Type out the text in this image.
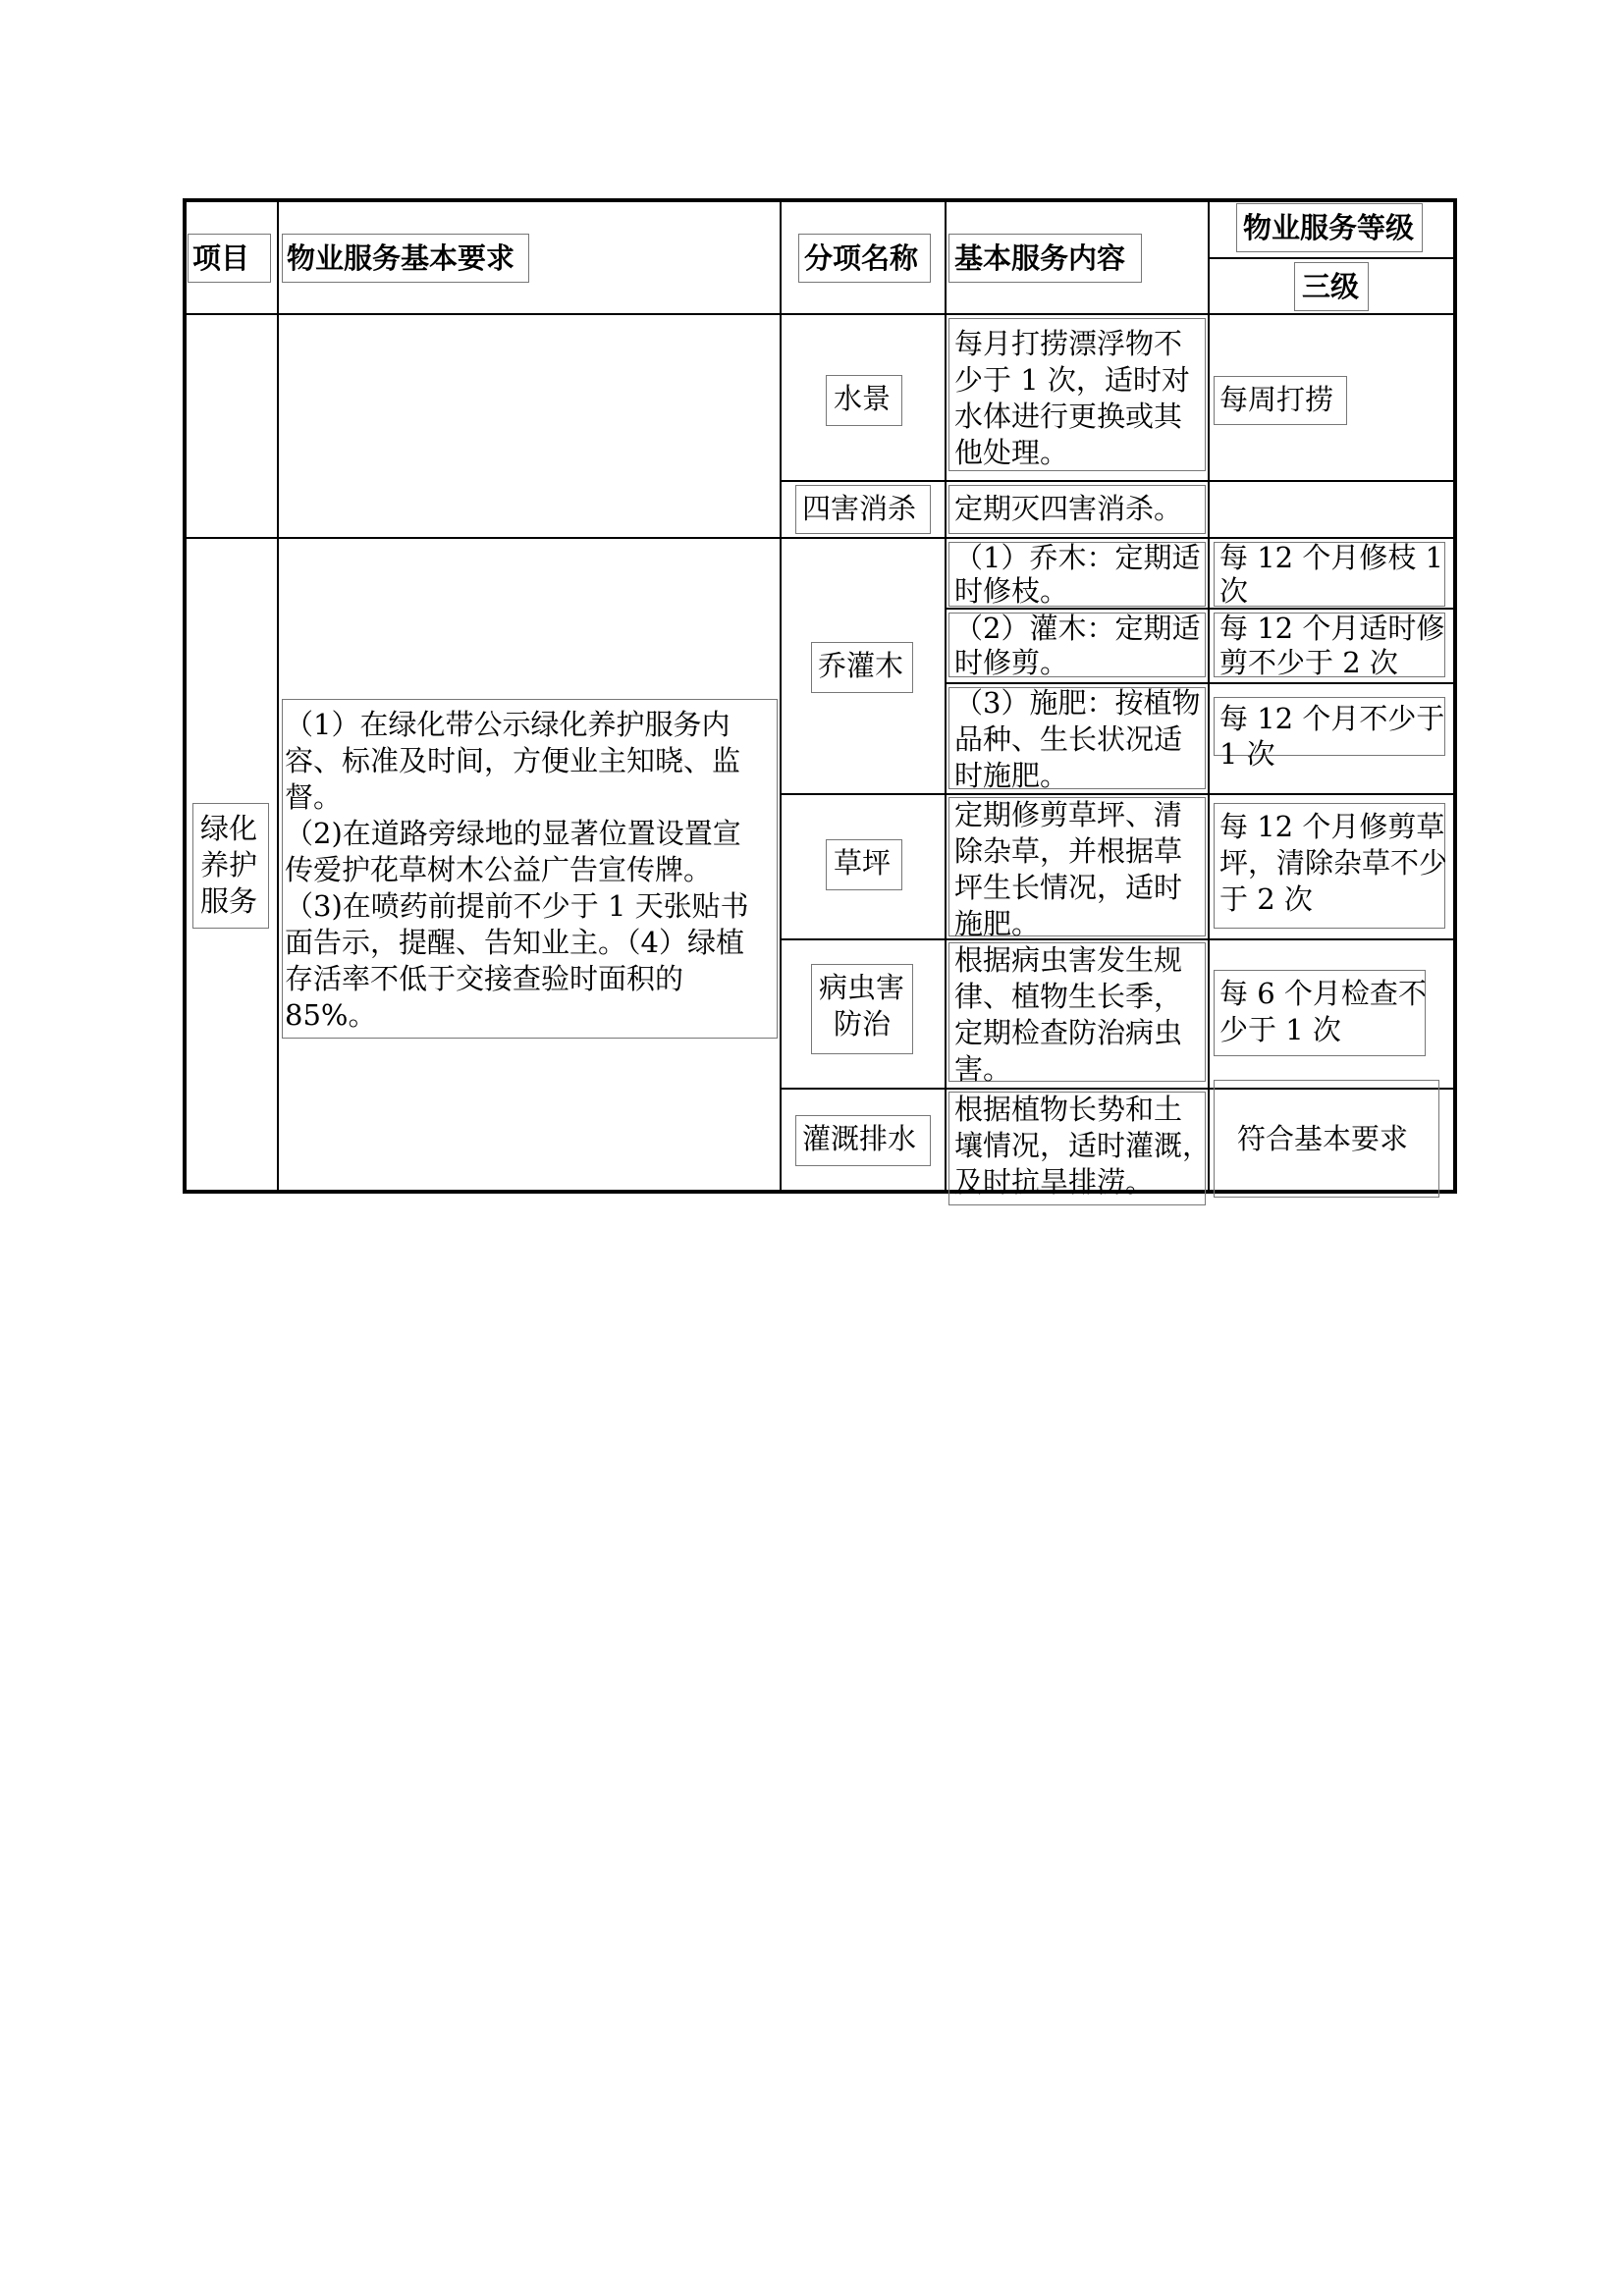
项目 物业服务基本要求	分项名称 基本服务内容
物业服务等级
三级
水景
每月打捞漂浮物不
少于 1 次，适时对
水体进行更换或其
他处理。
每周打捞
四害消杀 定期灭四害消杀。
绿化
养护
服务
（1）在绿化带公示绿化养护服务内
容、标准及时间，方便业主知晓、监
督。
（2)在道路旁绿地的显著位置设置宣
传爱护花草树木公益广告宣传牌。
（3)在喷药前提前不少于 1 天张贴书
面告示，提醒、告知业主。（4）绿植
存活率不低于交接查验时面积的
85%。
乔灌木
（1）乔木：定期适
时修枝。
每 12 个月修枝 1
次
（2）灌木：定期适
时修剪。
每 12 个月适时修
剪不少于 2 次
（3）施肥：按植物
品种、生长状况适
时施肥。
每 12 个月不少于
1 次
草坪
定期修剪草坪、清
除杂草，并根据草
坪生长情况，适时
施肥。
每 12 个月修剪草
坪，清除杂草不少
于 2 次
病虫害
防治
根据病虫害发生规
律、植物生长季，
定期检查防治病虫
害。
每 6 个月检查不
少于 1 次
灌溉排水
根据植物长势和土
壤情况，适时灌溉，
及时抗旱排涝。
符合基本要求
